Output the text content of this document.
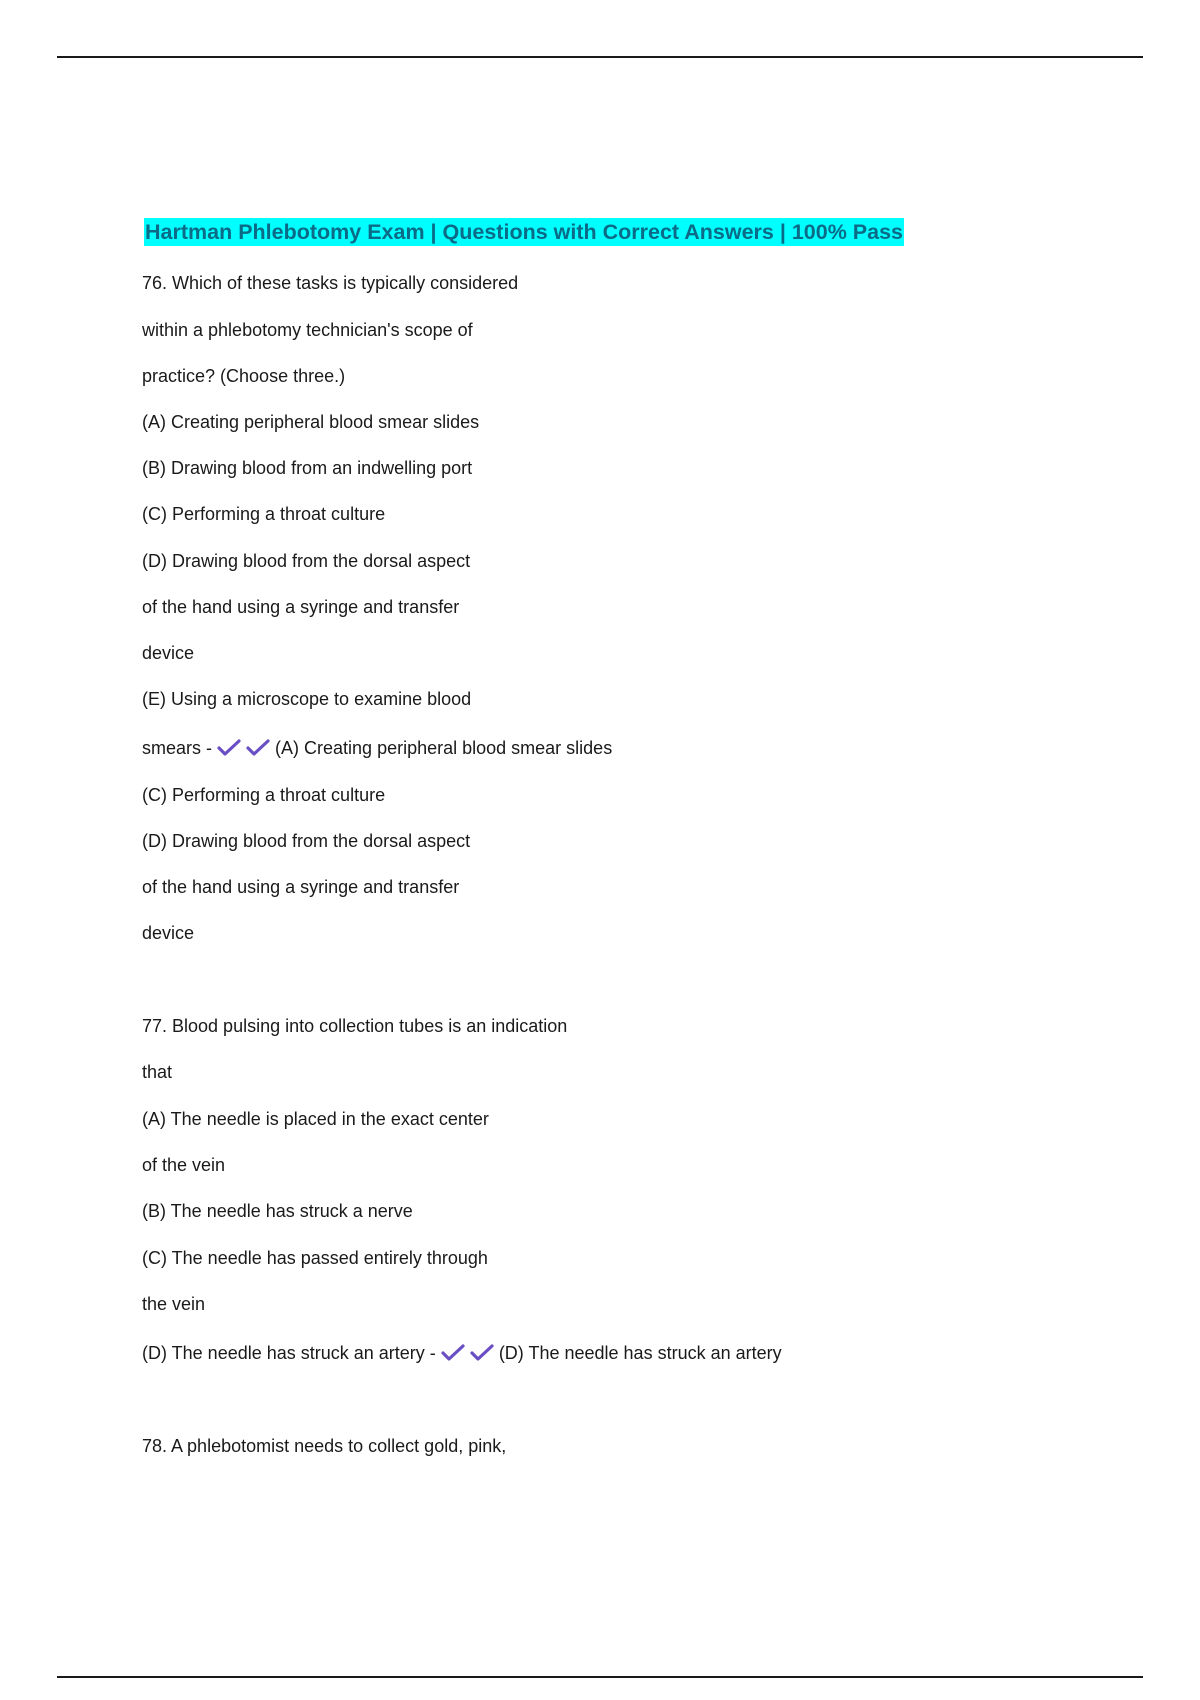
Hartman Phlebotomy Exam | Questions with Correct Answers | 100% Pass
76. Which of these tasks is typically considered
within a phlebotomy technician's scope of
practice? (Choose three.)
(A) Creating peripheral blood smear slides
(B) Drawing blood from an indwelling port
(C) Performing a throat culture
(D) Drawing blood from the dorsal aspect
of the hand using a syringe and transfer
device
(E) Using a microscope to examine blood
smears -	(A) Creating peripheral blood smear slides
(C) Performing a throat culture
(D) Drawing blood from the dorsal aspect
of the hand using a syringe and transfer
device
77. Blood pulsing into collection tubes is an indication
that
(A) The needle is placed in the exact center
of the vein
(B) The needle has struck a nerve
(C) The needle has passed entirely through
the vein
(D) The needle has struck an artery -	(D) The needle has struck an artery
78. A phlebotomist needs to collect gold, pink,
